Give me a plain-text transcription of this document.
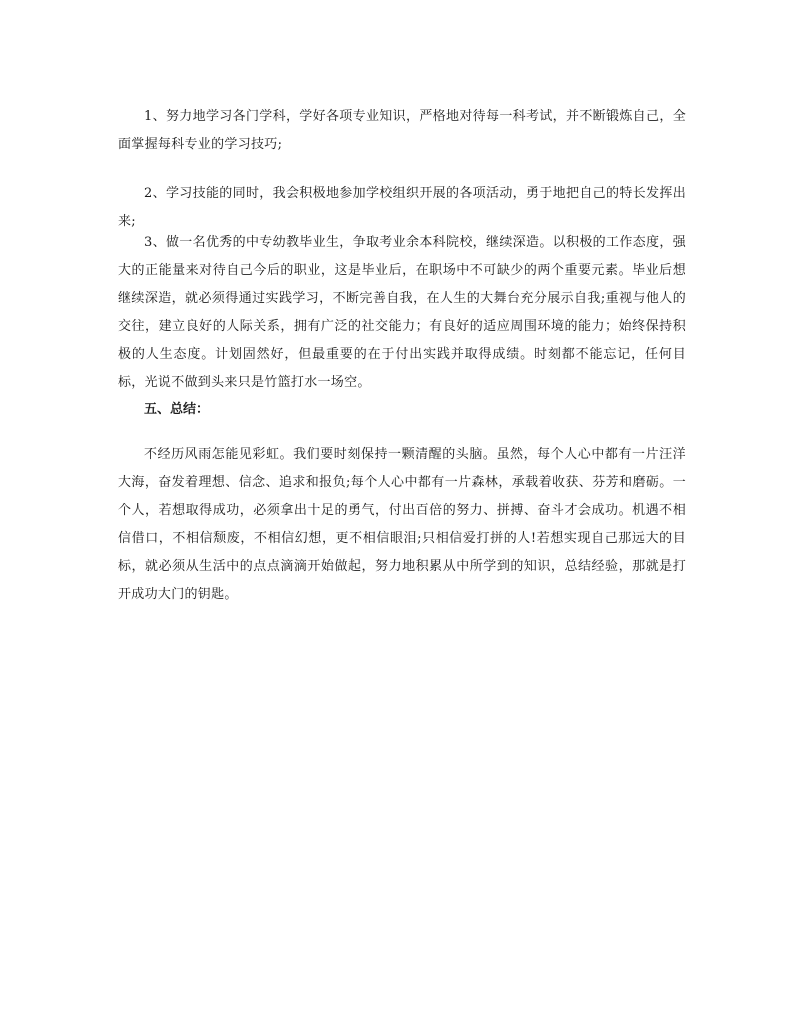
1、努力地学习各门学科，学好各项专业知识，严格地对待每一科考试，并不断锻炼自己，全面掌握每科专业的学习技巧;

2、学习技能的同时，我会积极地参加学校组织开展的各项活动，勇于地把自己的特长发挥出来;

3、做一名优秀的中专幼教毕业生，争取考业余本科院校，继续深造。以积极的工作态度，强大的正能量来对待自己今后的职业，这是毕业后，在职场中不可缺少的两个重要元素。毕业后想继续深造，就必须得通过实践学习，不断完善自我，在人生的大舞台充分展示自我;重视与他人的交往，建立良好的人际关系，拥有广泛的社交能力；有良好的适应周围环境的能力；始终保持积极的人生态度。计划固然好，但最重要的在于付出实践并取得成绩。时刻都不能忘记，任何目标，光说不做到头来只是竹篮打水一场空。

五、总结：

不经历风雨怎能见彩虹。我们要时刻保持一颗清醒的头脑。虽然，每个人心中都有一片汪洋大海，奋发着理想、信念、追求和报负;每个人心中都有一片森林，承载着收获、芬芳和磨砺。一个人，若想取得成功，必须拿出十足的勇气，付出百倍的努力、拼搏、奋斗才会成功。机遇不相信借口，不相信颓废，不相信幻想，更不相信眼泪;只相信爱打拼的人!若想实现自己那远大的目标，就必须从生活中的点点滴滴开始做起，努力地积累从中所学到的知识，总结经验，那就是打开成功大门的钥匙。
